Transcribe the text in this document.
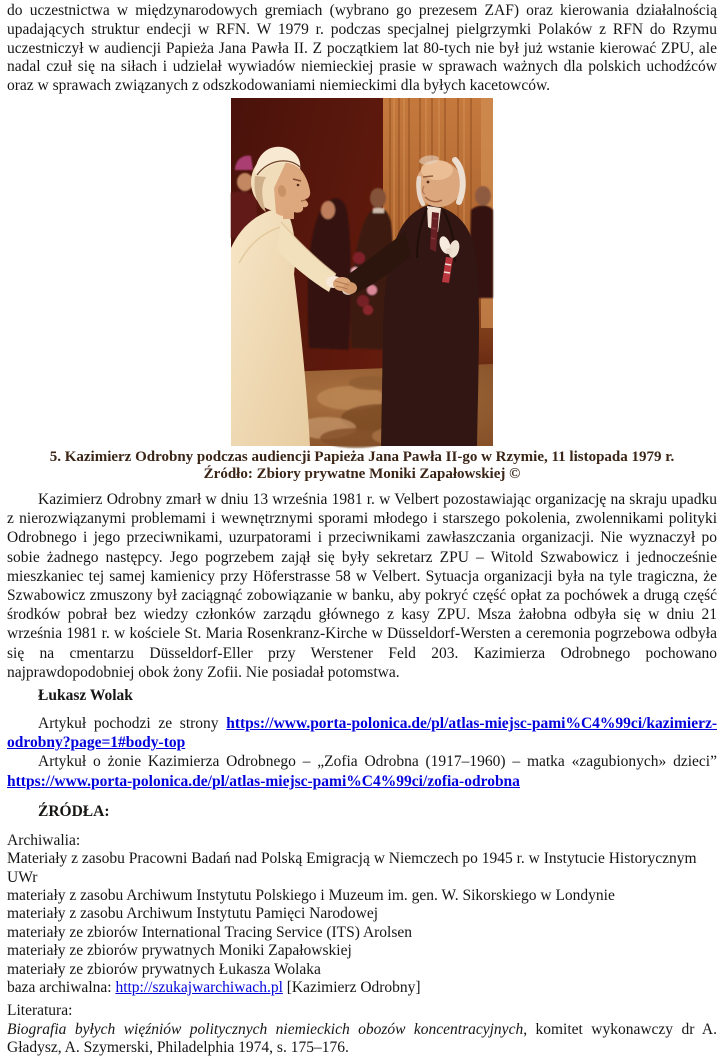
do uczestnictwa w międzynarodowych gremiach (wybrano go prezesem ZAF) oraz kierowania działalnością upadających struktur endecji w RFN. W 1979 r. podczas specjalnej pielgrzymki Polaków z RFN do Rzymu uczestniczył w audiencji Papieża Jana Pawła II. Z początkiem lat 80-tych nie był już wstanie kierować ZPU, ale nadal czuł się na siłach i udzielał wywiadów niemieckiej prasie w sprawach ważnych dla polskich uchodźców oraz w sprawach związanych z odszkodowaniami niemieckimi dla byłych kacetowców.

5. Kazimierz Odrobny podczas audiencji Papieża Jana Pawła II-go w Rzymie, 11 listopada 1979 r.
Źródło: Zbiory prywatne Moniki Zapałowskiej ©

Kazimierz Odrobny zmarł w dniu 13 września 1981 r. w Velbert pozostawiając organizację na skraju upadku z nierozwiązanymi problemami i wewnętrznymi sporami młodego i starszego pokolenia, zwolennikami polityki Odrobnego i jego przeciwnikami, uzurpatorami i przeciwnikami zawłaszczania organizacji. Nie wyznaczył po sobie żadnego następcy. Jego pogrzebem zajął się były sekretarz ZPU – Witold Szwabowicz i jednocześnie mieszkaniec tej samej kamienicy przy Höferstrasse 58 w Velbert. Sytuacja organizacji była na tyle tragiczna, że Szwabowicz zmuszony był zaciągnąć zobowiązanie w banku, aby pokryć część opłat za pochówek a drugą część środków pobrał bez wiedzy członków zarządu głównego z kasy ZPU. Msza żałobna odbyła się w dniu 21 września 1981 r. w kościele St. Maria Rosenkranz-Kirche w Düsseldorf-Wersten a ceremonia pogrzebowa odbyła się na cmentarzu Düsseldorf-Eller przy Werstener Feld 203. Kazimierza Odrobnego pochowano najprawdopodobniej obok żony Zofii. Nie posiadał potomstwa.

Łukasz Wolak

Artykuł pochodzi ze strony https://www.porta-polonica.de/pl/atlas-miejsc-pami%C4%99ci/kazimierz-odrobny?page=1#body-top

Artykuł o żonie Kazimierza Odrobnego – „Zofia Odrobna (1917–1960) – matka «zagubionych» dzieci” https://www.porta-polonica.de/pl/atlas-miejsc-pami%C4%99ci/zofia-odrobna

ŹRÓDŁA:

Archiwalia:
Materiały z zasobu Pracowni Badań nad Polską Emigracją w Niemczech po 1945 r. w Instytucie Historycznym UWr
materiały z zasobu Archiwum Instytutu Polskiego i Muzeum im. gen. W. Sikorskiego w Londynie
materiały z zasobu Archiwum Instytutu Pamięci Narodowej
materiały ze zbiorów International Tracing Service (ITS) Arolsen
materiały ze zbiorów prywatnych Moniki Zapałowskiej
materiały ze zbiorów prywatnych Łukasza Wolaka
baza archiwalna: http://szukajwarchiwach.pl [Kazimierz Odrobny]
Literatura:
Biografia byłych więźniów politycznych niemieckich obozów koncentracyjnych, komitet wykonawczy dr A. Gładysz, A. Szymerski, Philadelphia 1974, s. 175–176.
